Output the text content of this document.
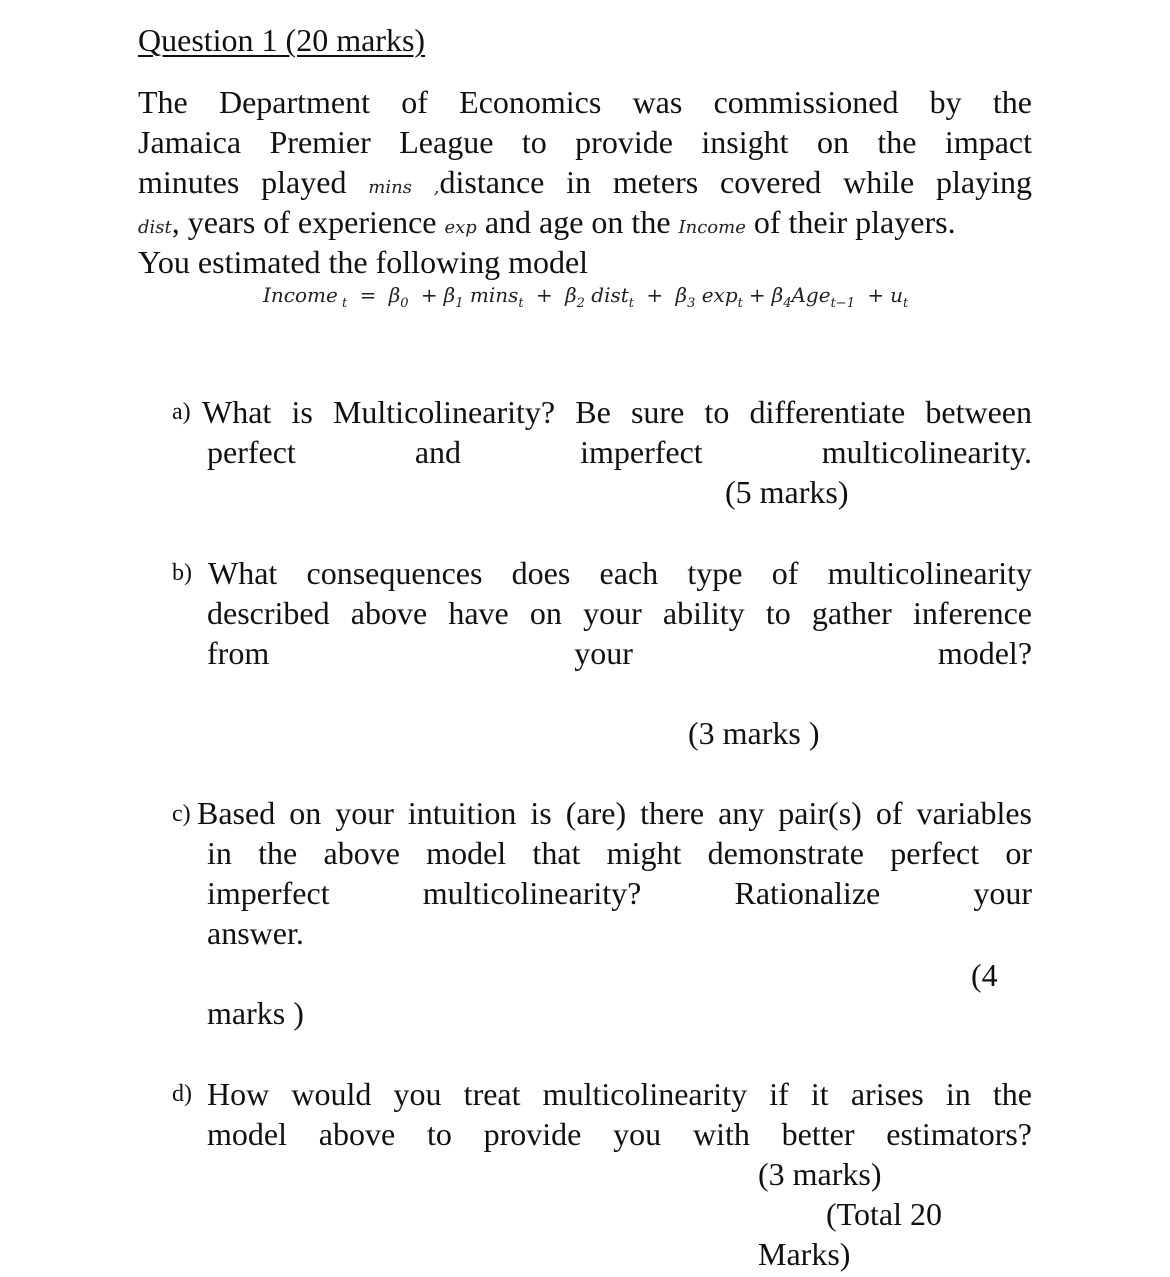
Question 1 (20 marks)
The Department of Economics was commissioned by the
Jamaica Premier League to provide insight on the impact
minutes played mins ,distance in meters covered while playing
dist, years of experience exp and age on the Income of their players.
You estimated the following model
Income $_t = \beta_0 + \beta_1$ $\min s_t + \beta_2$ dist$_t$ + $\beta_3$ $\exp_t + \beta_4Age_{t-1} + u_t$
a) What is Multicolinearity? Be sure to differentiate between
perfect	and	imperfect	multicolinearity.
(5 marks)
b) What consequences does each type of multicolinearity
described above have on your ability to gather inference
from	your	model?
(3 marks )
c) Based on your intuition is (are) there any pair(s) of variables
in the above model that might demonstrate perfect or
imperfect	multicolinearity?	Rationalize	your
answer.
(4
marks )
d) How would you treat multicolinearity if it arises in the
model above to provide you with better estimators?
(3 marks)
(Total 20
Marks)
